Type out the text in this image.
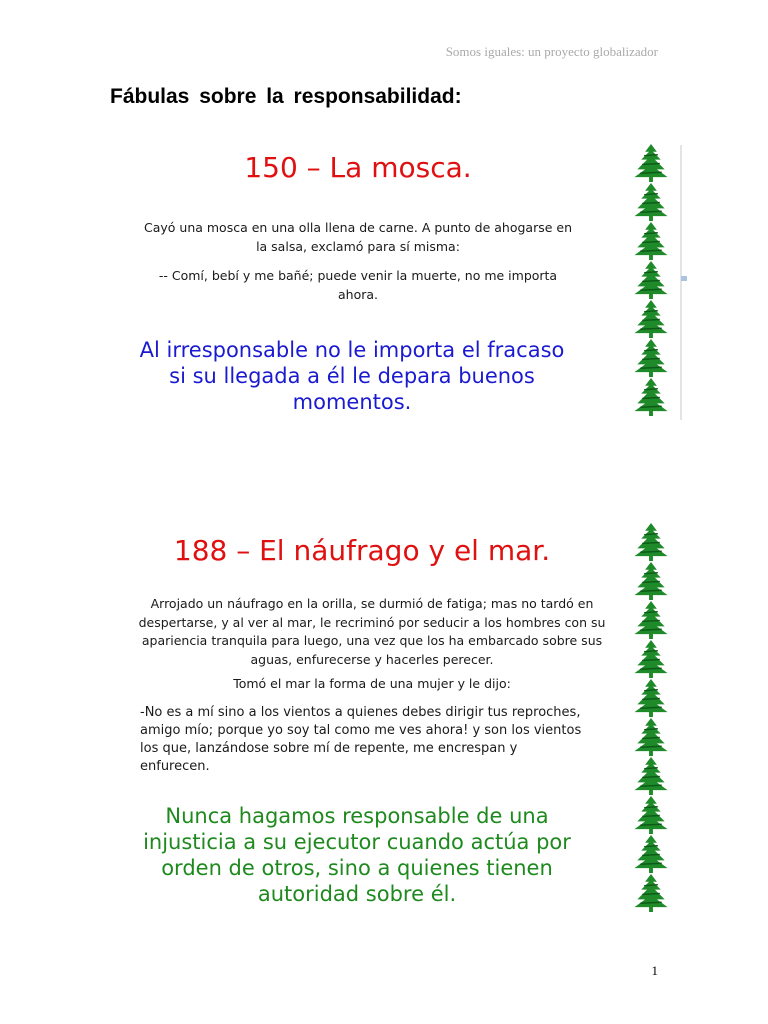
Somos iguales: un proyecto globalizador
Fábulas sobre la responsabilidad:
150 – La mosca.
Cayó una mosca en una olla llena de carne. A punto de ahogarse en
la salsa, exclamó para sí misma:
-- Comí, bebí y me bañé; puede venir la muerte, no me importa
ahora.
Al irresponsable no le importa el fracaso
si su llegada a él le depara buenos
momentos.
188 – El náufrago y el mar.
Arrojado un náufrago en la orilla, se durmió de fatiga; mas no tardó en
despertarse, y al ver al mar, le recriminó por seducir a los hombres con su
apariencia tranquila para luego, una vez que los ha embarcado sobre sus
aguas, enfurecerse y hacerles perecer.
Tomó el mar la forma de una mujer y le dijo:
-No es a mí sino a los vientos a quienes debes dirigir tus reproches,
amigo mío; porque yo soy tal como me ves ahora! y son los vientos
los que, lanzándose sobre mí de repente, me encrespan y
enfurecen.
Nunca hagamos responsable de una
injusticia a su ejecutor cuando actúa por
orden de otros, sino a quienes tienen
autoridad sobre él.
1
